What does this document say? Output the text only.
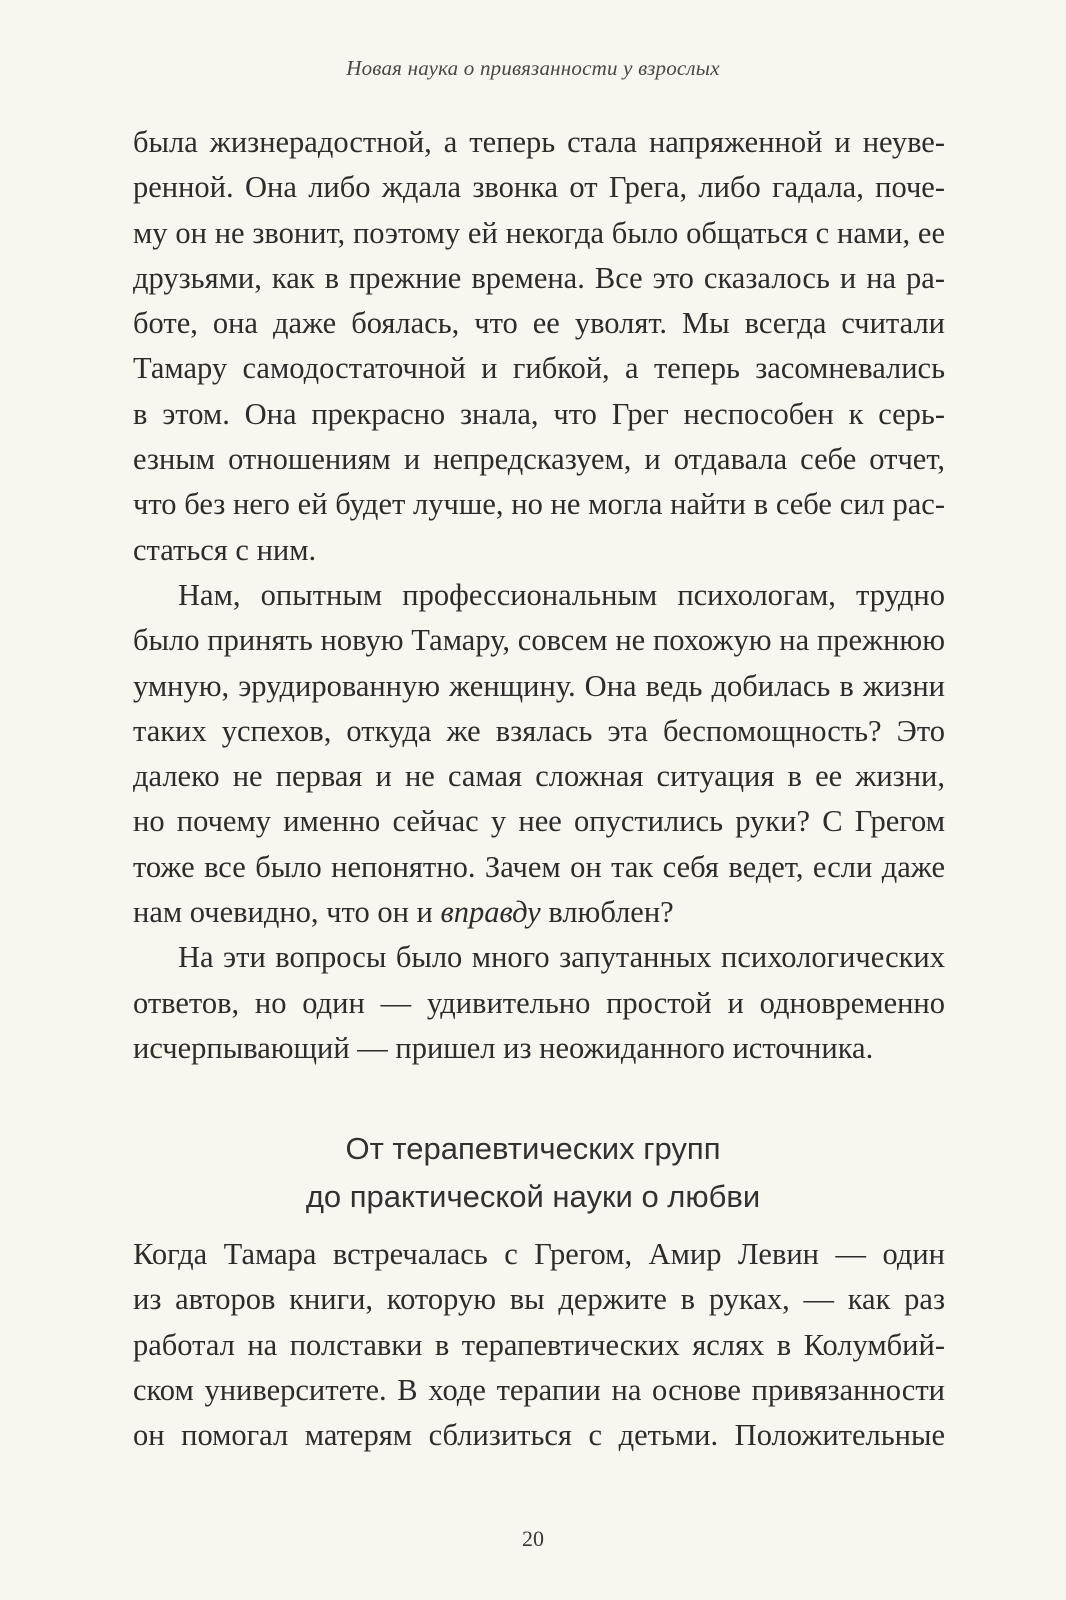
Новая наука о привязанности у взрослых
была жизнерадостной, а теперь стала напряженной и неуве-
ренной. Она либо ждала звонка от Грега, либо гадала, поче-
му он не звонит, поэтому ей некогда было общаться с нами, ее
друзьями, как в прежние времена. Все это сказалось и на ра-
боте, она даже боялась, что ее уволят. Мы всегда считали
Тамару самодостаточной и гибкой, а теперь засомневались
в этом. Она прекрасно знала, что Грег неспособен к серь-
езным отношениям и непредсказуем, и отдавала себе отчет,
что без него ей будет лучше, но не могла найти в себе сил рас-
статься с ним.
Нам, опытным профессиональным психологам, трудно
было принять новую Тамару, совсем не похожую на прежнюю
умную, эрудированную женщину. Она ведь добилась в жизни
таких успехов, откуда же взялась эта беспомощность? Это
далеко не первая и не самая сложная ситуация в ее жизни,
но почему именно сейчас у нее опустились руки? С Грегом
тоже все было непонятно. Зачем он так себя ведет, если даже
нам очевидно, что он и вправду влюблен?
На эти вопросы было много запутанных психологических
ответов, но один — удивительно простой и одновременно
исчерпывающий — пришел из неожиданного источника.
От терапевтических групп
до практической науки о любви
Когда Тамара встречалась с Грегом, Амир Левин — один
из авторов книги, которую вы держите в руках, — как раз
работал на полставки в терапевтических яслях в Колумбий-
ском университете. В ходе терапии на основе привязанности
он помогал матерям сблизиться с детьми. Положительные
20
